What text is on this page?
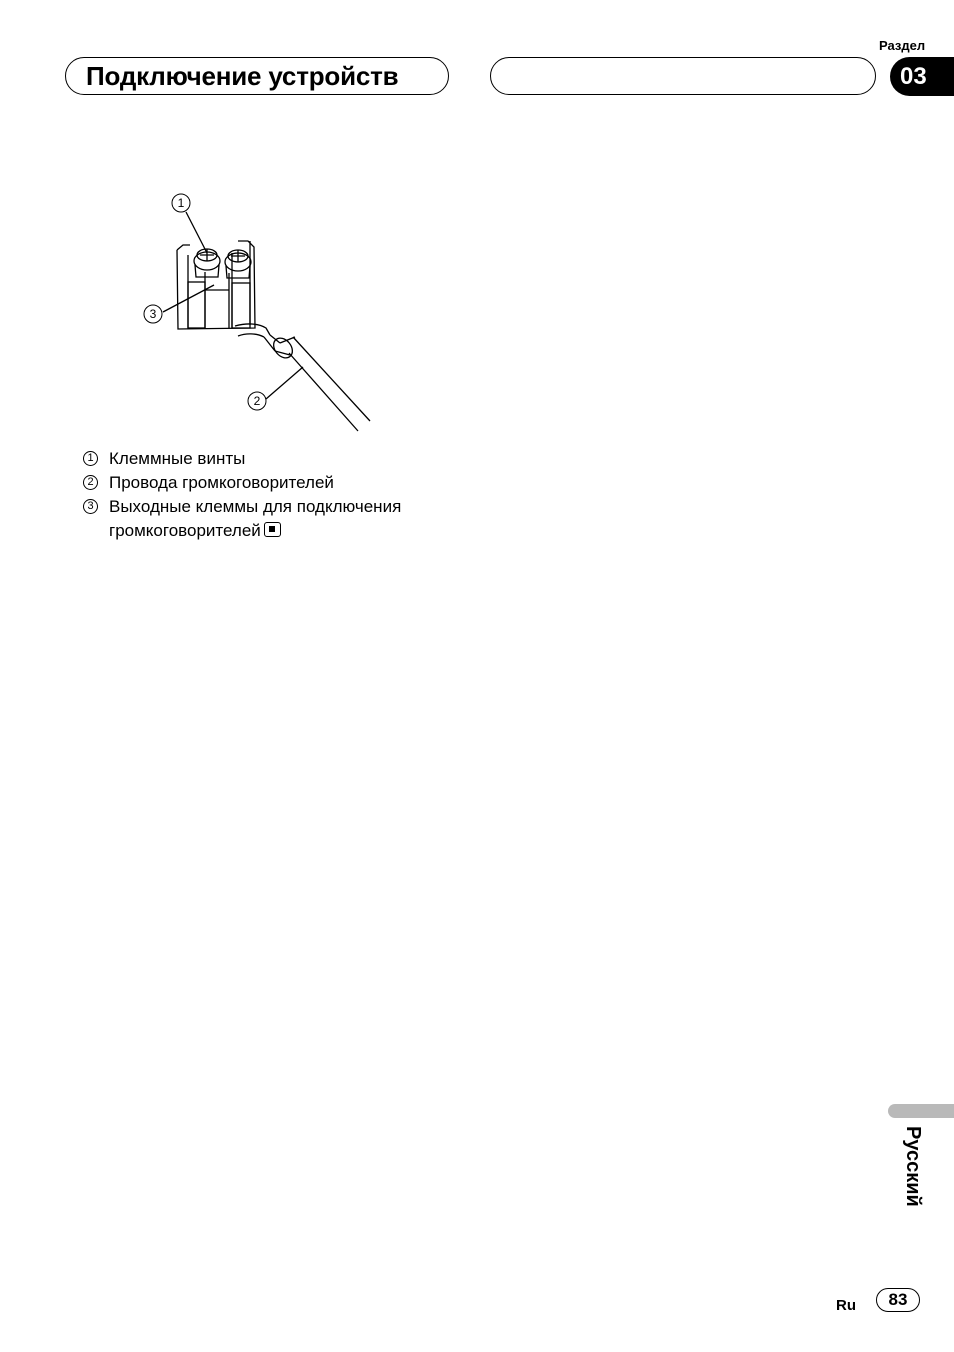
Подключение устройств
Раздел
03
1
3
2
1 Клеммные винты
2 Провода громкоговорителей
3 Выходные клеммы для подключения
громкоговорителей
Русский
Ru	83
